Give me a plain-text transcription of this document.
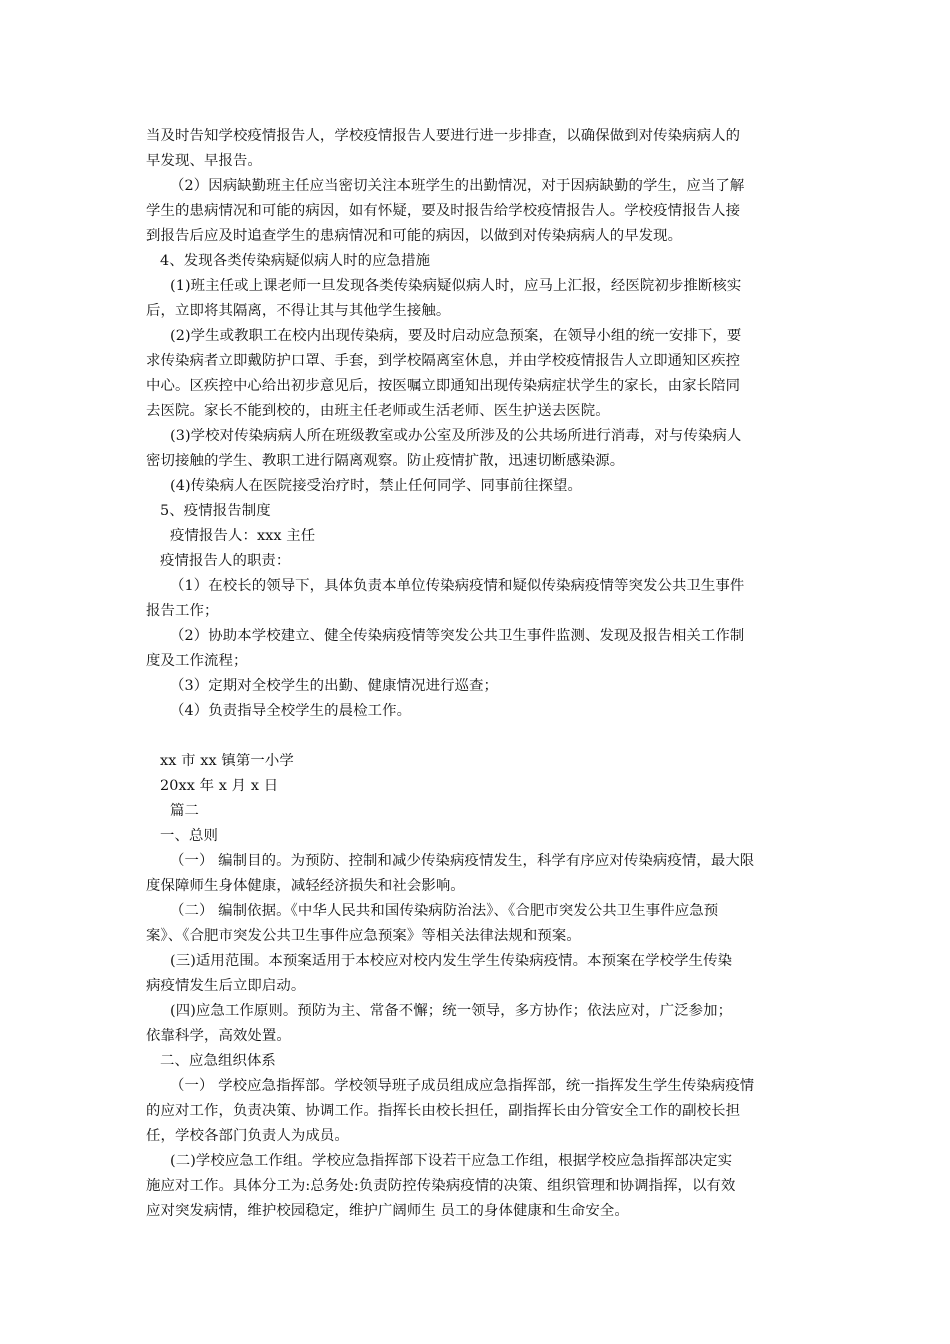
当及时告知学校疫情报告人，学校疫情报告人要进行进一步排查，以确保做到对传染病病人的
早发现、早报告。
（2）因病缺勤班主任应当密切关注本班学生的出勤情况，对于因病缺勤的学生，应当了解
学生的患病情况和可能的病因，如有怀疑，要及时报告给学校疫情报告人。学校疫情报告人接
到报告后应及时追查学生的患病情况和可能的病因，以做到对传染病病人的早发现。
4、发现各类传染病疑似病人时的应急措施
(1)班主任或上课老师一旦发现各类传染病疑似病人时，应马上汇报，经医院初步推断核实
后，立即将其隔离，不得让其与其他学生接触。
(2)学生或教职工在校内出现传染病，要及时启动应急预案，在领导小组的统一安排下，要
求传染病者立即戴防护口罩、手套，到学校隔离室休息，并由学校疫情报告人立即通知区疾控
中心。区疾控中心给出初步意见后，按医嘱立即通知出现传染病症状学生的家长，由家长陪同
去医院。家长不能到校的，由班主任老师或生活老师、医生护送去医院。
(3)学校对传染病病人所在班级教室或办公室及所涉及的公共场所进行消毒，对与传染病人
密切接触的学生、教职工进行隔离观察。防止疫情扩散，迅速切断感染源。
(4)传染病人在医院接受治疗时，禁止任何同学、同事前往探望。
5、疫情报告制度
疫情报告人：xxx 主任
疫情报告人的职责：
（1）在校长的领导下，具体负责本单位传染病疫情和疑似传染病疫情等突发公共卫生事件
报告工作；
（2）协助本学校建立、健全传染病疫情等突发公共卫生事件监测、发现及报告相关工作制
度及工作流程；
（3）定期对全校学生的出勤、健康情况进行巡查；
（4）负责指导全校学生的晨检工作。
xx 市 xx 镇第一小学
20xx 年 x 月 x 日
篇二
一、总则
（一） 编制目的。为预防、控制和减少传染病疫情发生，科学有序应对传染病疫情，最大限
度保障师生身体健康，减轻经济损失和社会影响。
（二） 编制依据。《中华人民共和国传染病防治法》、《合肥市突发公共卫生事件应急预
案》、《合肥市突发公共卫生事件应急预案》等相关法律法规和预案。
(三)适用范围。本预案适用于本校应对校内发生学生传染病疫情。本预案在学校学生传染
病疫情发生后立即启动。
(四)应急工作原则。预防为主、常备不懈；统一领导，多方协作；依法应对，广泛参加；
依靠科学，高效处置。
二、应急组织体系
（一） 学校应急指挥部。学校领导班子成员组成应急指挥部，统一指挥发生学生传染病疫情
的应对工作，负责决策、协调工作。指挥长由校长担任，副指挥长由分管安全工作的副校长担
任，学校各部门负责人为成员。
(二)学校应急工作组。学校应急指挥部下设若干应急工作组，根据学校应急指挥部决定实
施应对工作。具体分工为:总务处:负责防控传染病疫情的决策、组织管理和协调指挥，以有效
应对突发病情，维护校园稳定，维护广阔师生 员工的身体健康和生命安全。
